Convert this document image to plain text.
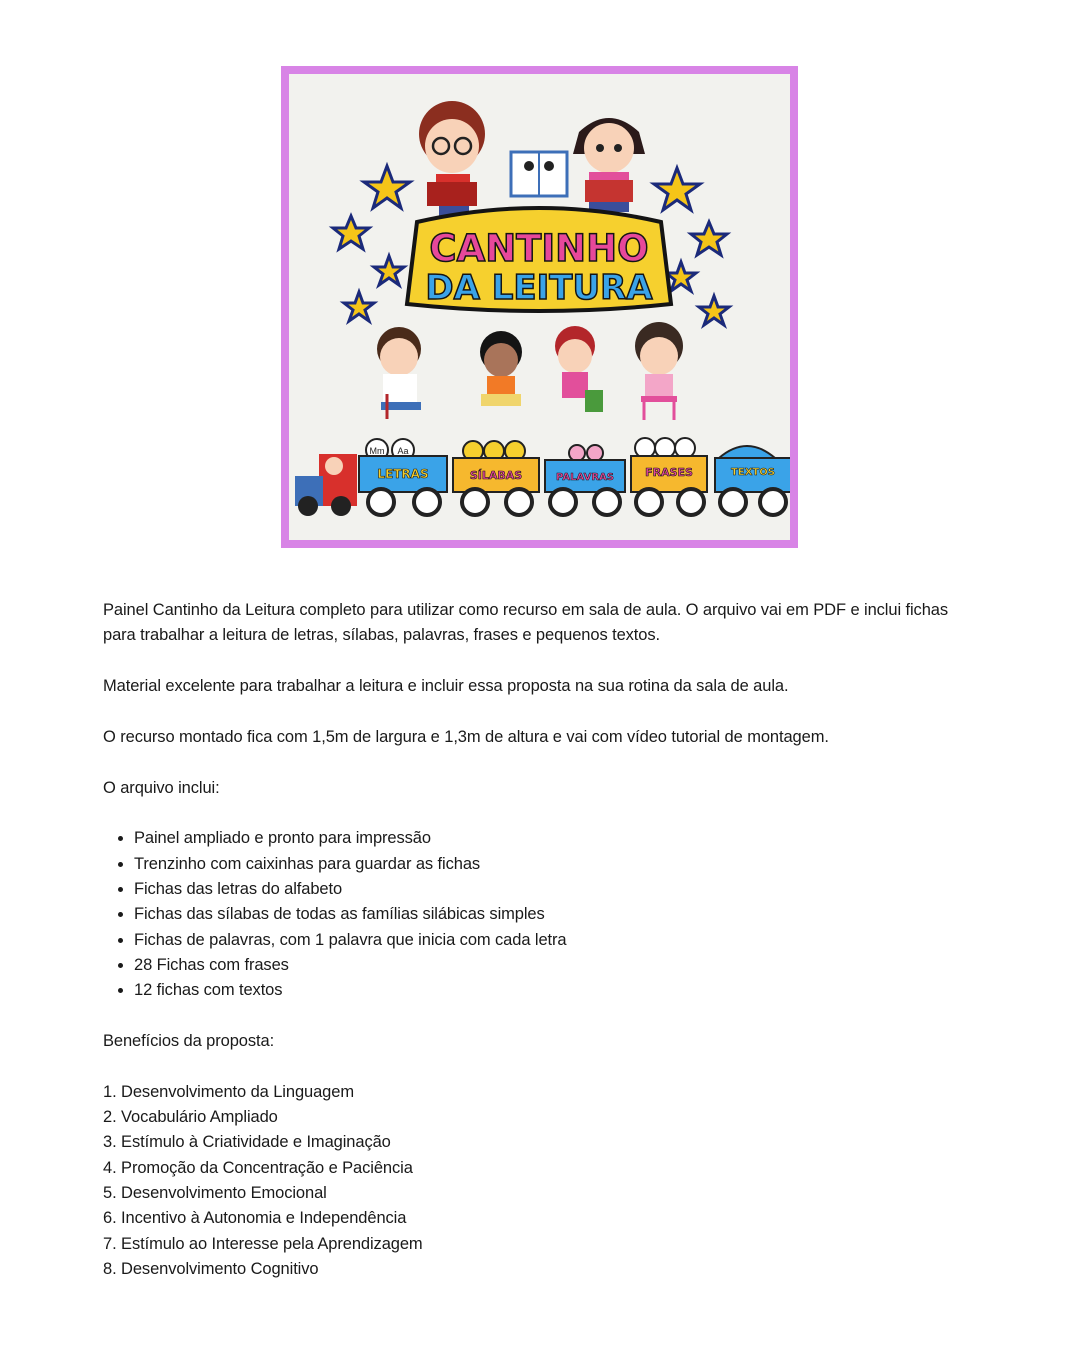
CANTINHO
DA LEITURA
Mm Aa
LETRAS	SÍLABAS	PALAVRAS	FRASES	TEXTOS

Painel Cantinho da Leitura completo para utilizar como recurso em sala de aula. O arquivo vai em PDF e inclui fichas para trabalhar a leitura de letras, sílabas, palavras, frases e pequenos textos.

Material excelente para trabalhar a leitura e incluir essa proposta na sua rotina da sala de aula.

O recurso montado fica com 1,5m de largura e 1,3m de altura e vai com vídeo tutorial de montagem.

O arquivo inclui:

• Painel ampliado e pronto para impressão
• Trenzinho com caixinhas para guardar as fichas
• Fichas das letras do alfabeto
• Fichas das sílabas de todas as famílias silábicas simples
• Fichas de palavras, com 1 palavra que inicia com cada letra
• 28 Fichas com frases
• 12 fichas com textos

Benefícios da proposta:

1. Desenvolvimento da Linguagem
2. Vocabulário Ampliado
3. Estímulo à Criatividade e Imaginação
4. Promoção da Concentração e Paciência
5. Desenvolvimento Emocional
6. Incentivo à Autonomia e Independência
7. Estímulo ao Interesse pela Aprendizagem
8. Desenvolvimento Cognitivo
